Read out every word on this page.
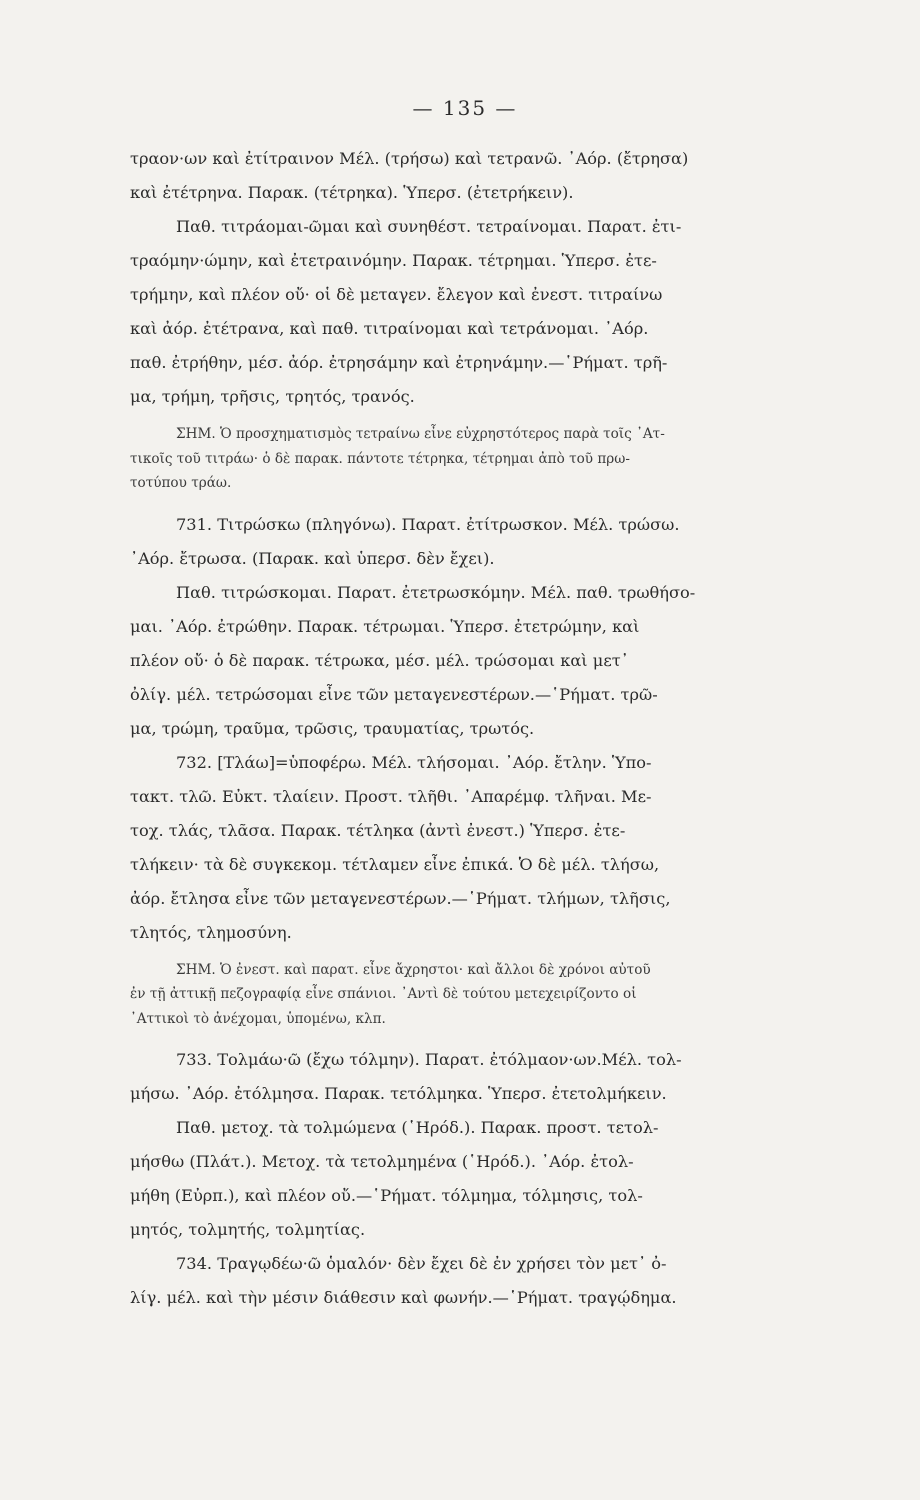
— 135 —
τραον·ων καὶ ἐτίτραινον Μέλ. (τρήσω) καὶ τετρανῶ. ᾿Αόρ. (ἔτρησα)
καὶ ἐτέτρηνα. Παρακ. (τέτρηκα). Ὑπερσ. (ἐτετρήκειν).
Παθ. τιτράομαι-ῶμαι καὶ συνηθέστ. τετραίνομαι. Παρατ. ἐτι-
τραόμην·ώμην, καὶ ἐτετραινόμην. Παρακ. τέτρημαι. Ὑπερσ. ἐτε-
τρήμην, καὶ πλέον οὔ· οἱ δὲ μεταγεν. ἔλεγον καὶ ἐνεστ. τιτραίνω
καὶ ἀόρ. ἐτέτρανα, καὶ παθ. τιτραίνομαι καὶ τετράνομαι. ᾿Αόρ.
παθ. ἐτρήθην, μέσ. ἀόρ. ἐτρησάμην καὶ ἐτρηνάμην.—῾Ρήματ. τρῆ-
μα, τρήμη, τρῆσις, τρητός, τρανός.
ΣΗΜ. Ὁ προσχηματισμὸς τετραίνω εἶνε εὐχρηστότερος παρὰ τοῖς ᾿Ατ-
τικοῖς τοῦ τιτράω· ὁ δὲ παρακ. πάντοτε τέτρηκα, τέτρημαι ἀπὸ τοῦ πρω-
τοτύπου τράω.
731. Τιτρώσκω (πληγόνω). Παρατ. ἐτίτρωσκον. Μέλ. τρώσω.
᾿Αόρ. ἔτρωσα. (Παρακ. καὶ ὑπερσ. δὲν ἔχει).
Παθ. τιτρώσκομαι. Παρατ. ἐτετρωσκόμην. Μέλ. παθ. τρωθήσο-
μαι. ᾿Αόρ. ἐτρώθην. Παρακ. τέτρωμαι. Ὑπερσ. ἐτετρώμην, καὶ
πλέον οὔ· ὁ δὲ παρακ. τέτρωκα, μέσ. μέλ. τρώσομαι καὶ μετ᾽
ὀλίγ. μέλ. τετρώσομαι εἶνε τῶν μεταγενεστέρων.—῾Ρήματ. τρῶ-
μα, τρώμη, τραῦμα, τρῶσις, τραυματίας, τρωτός.
732. [Τλάω]=ὑποφέρω. Μέλ. τλήσομαι. ᾿Αόρ. ἔτλην. Ὑπο-
τακτ. τλῶ. Εὐκτ. τλαίειν. Προστ. τλῆθι. ᾿Απαρέμφ. τλῆναι. Με-
τοχ. τλάς, τλᾶσα. Παρακ. τέτληκα (ἀντὶ ἐνεστ.) Ὑπερσ. ἐτε-
τλήκειν· τὰ δὲ συγκεκομ. τέτλαμεν εἶνε ἐπικά. Ὁ δὲ μέλ. τλήσω,
ἀόρ. ἔτλησα εἶνε τῶν μεταγενεστέρων.—῾Ρήματ. τλήμων, τλῆσις,
τλητός, τλημοσύνη.
ΣΗΜ. Ὁ ἐνεστ. καὶ παρατ. εἶνε ἄχρηστοι· καὶ ἄλλοι δὲ χρόνοι αὐτοῦ
ἐν τῇ ἀττικῇ πεζογραφίᾳ εἶνε σπάνιοι. ᾿Αντὶ δὲ τούτου μετεχειρίζοντο οἱ
᾿Αττικοὶ τὸ ἀνέχομαι, ὑπομένω, κλπ.
733. Τολμάω·ῶ (ἔχω τόλμην). Παρατ. ἐτόλμαον·ων.Μέλ. τολ-
μήσω. ᾿Αόρ. ἐτόλμησα. Παρακ. τετόλμηκα. Ὑπερσ. ἐτετολμήκειν.
Παθ. μετοχ. τὰ τολμώμενα (῾Ηρόδ.). Παρακ. προστ. τετολ-
μήσθω (Πλάτ.). Μετοχ. τὰ τετολμημένα (῾Ηρόδ.). ᾿Αόρ. ἐτολ-
μήθη (Εὐρπ.), καὶ πλέον οὔ.—῾Ρήματ. τόλμημα, τόλμησις, τολ-
μητός, τολμητής, τολμητίας.
734. Τραγῳδέω·ῶ ὁμαλόν· δὲν ἔχει δὲ ἐν χρήσει τὸν μετ᾽ ὀ-
λίγ. μέλ. καὶ τὴν μέσιν διάθεσιν καὶ φωνήν.—῾Ρήματ. τραγῴδημα.
